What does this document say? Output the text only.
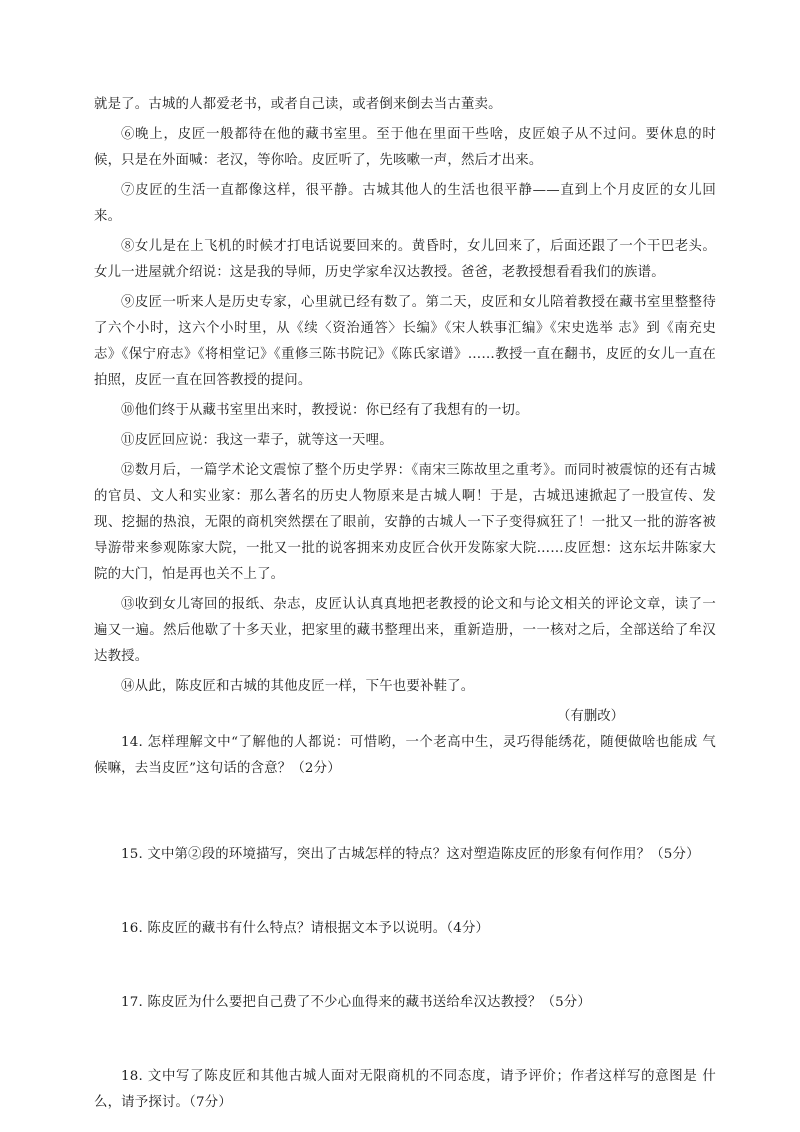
就是了。古城的人都爱老书，或者自己读，或者倒来倒去当古董卖。

⑥晚上，皮匠一般都待在他的藏书室里。至于他在里面干些啥，皮匠娘子从不过问。要休息的时候，只是在外面喊：老汉，等你哈。皮匠听了，先咳嗽一声，然后才出来。

⑦皮匠的生活一直都像这样，很平静。古城其他人的生活也很平静——直到上个月皮匠的女儿回来。

⑧女儿是在上飞机的时候才打电话说要回来的。黄昏时，女儿回来了，后面还跟了一个干巴老头。女儿一进屋就介绍说：这是我的导师，历史学家牟汉达教授。爸爸，老教授想看看我们的族谱。

⑨皮匠一听来人是历史专家，心里就已经有数了。第二天，皮匠和女儿陪着教授在藏书室里整整待了六个小时，这六个小时里，从《续〈资治通答〉长编》《宋人轶事汇编》《宋史选举 志》到《南充史志》《保宁府志》《将相堂记》《重修三陈书院记》《陈氏家谱》……教授一直在翻书，皮匠的女儿一直在拍照，皮匠一直在回答教授的提问。

⑩他们终于从藏书室里出来时，教授说：你已经有了我想有的一切。

⑪皮匠回应说：我这一辈子，就等这一天哩。

⑫数月后，一篇学术论文震惊了整个历史学界：《南宋三陈故里之重考》。而同时被震惊的还有古城的官员、文人和实业家：那么著名的历史人物原来是古城人啊！于是，古城迅速掀起了一股宣传、发现、挖掘的热浪，无限的商机突然摆在了眼前，安静的古城人一下子变得疯狂了！一批又一批的游客被导游带来参观陈家大院，一批又一批的说客拥来劝皮匠合伙开发陈家大院……皮匠想：这东坛井陈家大院的大门，怕是再也关不上了。

⑬收到女儿寄回的报纸、杂志，皮匠认认真真地把老教授的论文和与论文相关的评论文章，读了一遍又一遍。然后他歇了十多天业，把家里的藏书整理出来，重新造册，一一核对之后，全部送给了牟汉达教授。

⑭从此，陈皮匠和古城的其他皮匠一样，下午也要补鞋了。

（有删改）

14. 怎样理解文中“了解他的人都说：可惜哟，一个老高中生，灵巧得能绣花，随便做啥也能成 气候嘛，去当皮匠”这句话的含意？（2分）

15. 文中第②段的环境描写，突出了古城怎样的特点？这对塑造陈皮匠的形象有何作用？（5分）

16. 陈皮匠的藏书有什么特点？请根据文本予以说明。（4分）

17. 陈皮匠为什么要把自己费了不少心血得来的藏书送给牟汉达教授？（5分）

18. 文中写了陈皮匠和其他古城人面对无限商机的不同态度，请予评价；作者这样写的意图是 什么，请予探讨。（7分）
